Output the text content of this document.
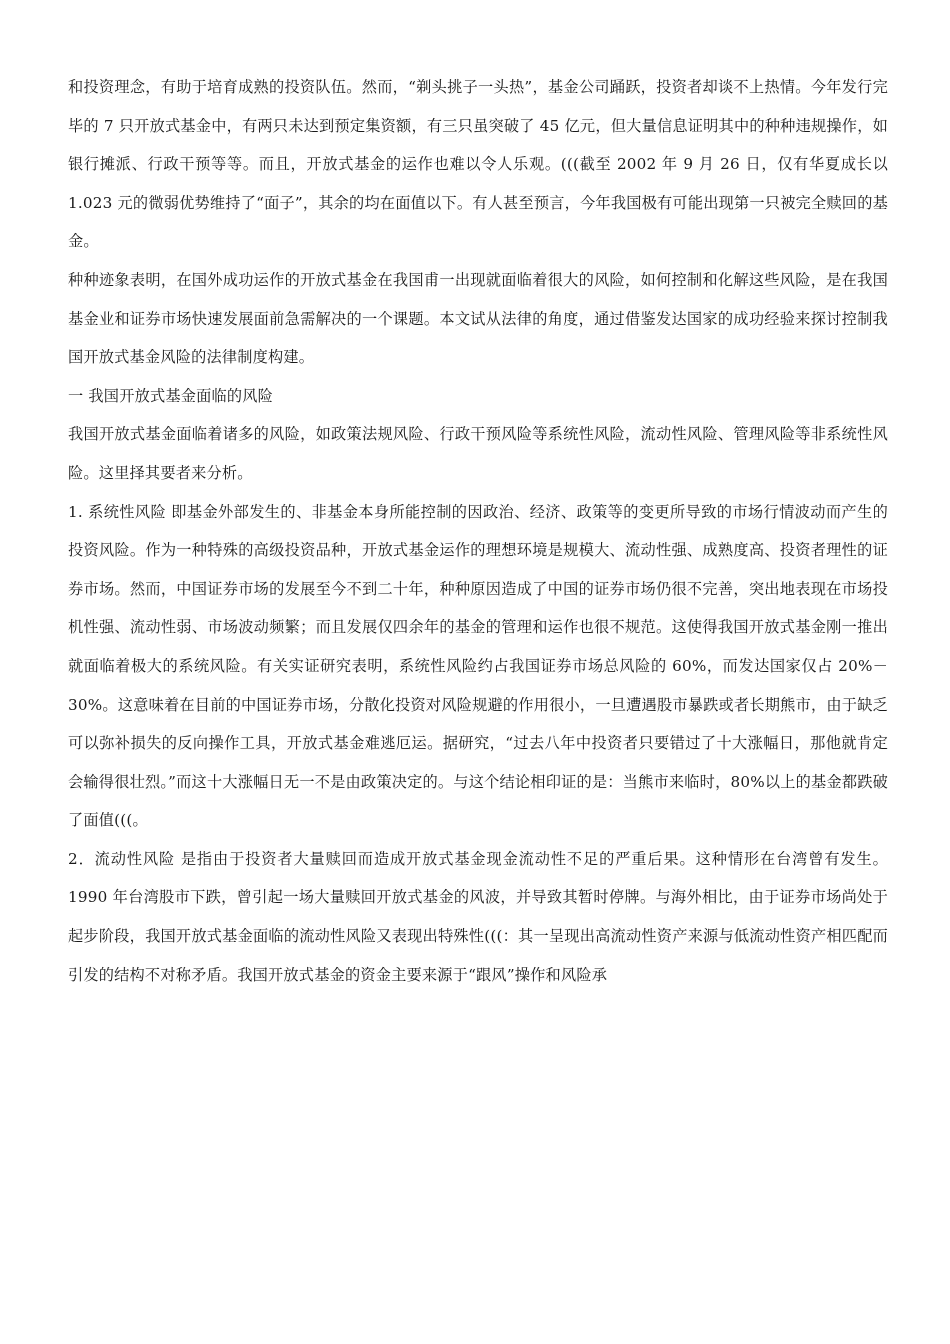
和投资理念，有助于培育成熟的投资队伍。然而，“剃头挑子一头热”，基金公司踊跃，投资者却谈不上热情。今年发行完毕的 7 只开放式基金中，有两只未达到预定集资额，有三只虽突破了 45 亿元，但大量信息证明其中的种种违规操作，如银行摊派、行政干预等等。而且，开放式基金的运作也难以令人乐观。(((截至 2002 年 9 月 26 日，仅有华夏成长以 1.023 元的微弱优势维持了“面子”，其余的均在面值以下。有人甚至预言，今年我国极有可能出现第一只被完全赎回的基金。

种种迹象表明，在国外成功运作的开放式基金在我国甫一出现就面临着很大的风险，如何控制和化解这些风险，是在我国基金业和证券市场快速发展面前急需解决的一个课题。本文试从法律的角度，通过借鉴发达国家的成功经验来探讨控制我国开放式基金风险的法律制度构建。

一 我国开放式基金面临的风险

我国开放式基金面临着诸多的风险，如政策法规风险、行政干预风险等系统性风险，流动性风险、管理风险等非系统性风险。这里择其要者来分析。

1. 系统性风险 即基金外部发生的、非基金本身所能控制的因政治、经济、政策等的变更所导致的市场行情波动而产生的投资风险。作为一种特殊的高级投资品种，开放式基金运作的理想环境是规模大、流动性强、成熟度高、投资者理性的证券市场。然而，中国证券市场的发展至今不到二十年，种种原因造成了中国的证券市场仍很不完善，突出地表现在市场投机性强、流动性弱、市场波动频繁；而且发展仅四余年的基金的管理和运作也很不规范。这使得我国开放式基金刚一推出就面临着极大的系统风险。有关实证研究表明，系统性风险约占我国证券市场总风险的 60%，而发达国家仅占 20%－30%。这意味着在目前的中国证券市场，分散化投资对风险规避的作用很小，一旦遭遇股市暴跌或者长期熊市，由于缺乏可以弥补损失的反向操作工具，开放式基金难逃厄运。据研究，“过去八年中投资者只要错过了十大涨幅日，那他就肯定会输得很壮烈。”而这十大涨幅日无一不是由政策决定的。与这个结论相印证的是：当熊市来临时，80%以上的基金都跌破了面值(((。

2．流动性风险 是指由于投资者大量赎回而造成开放式基金现金流动性不足的严重后果。这种情形在台湾曾有发生。1990 年台湾股市下跌，曾引起一场大量赎回开放式基金的风波，并导致其暂时停牌。与海外相比，由于证券市场尚处于起步阶段，我国开放式基金面临的流动性风险又表现出特殊性(((：其一呈现出高流动性资产来源与低流动性资产相匹配而引发的结构不对称矛盾。我国开放式基金的资金主要来源于“跟风”操作和风险承
